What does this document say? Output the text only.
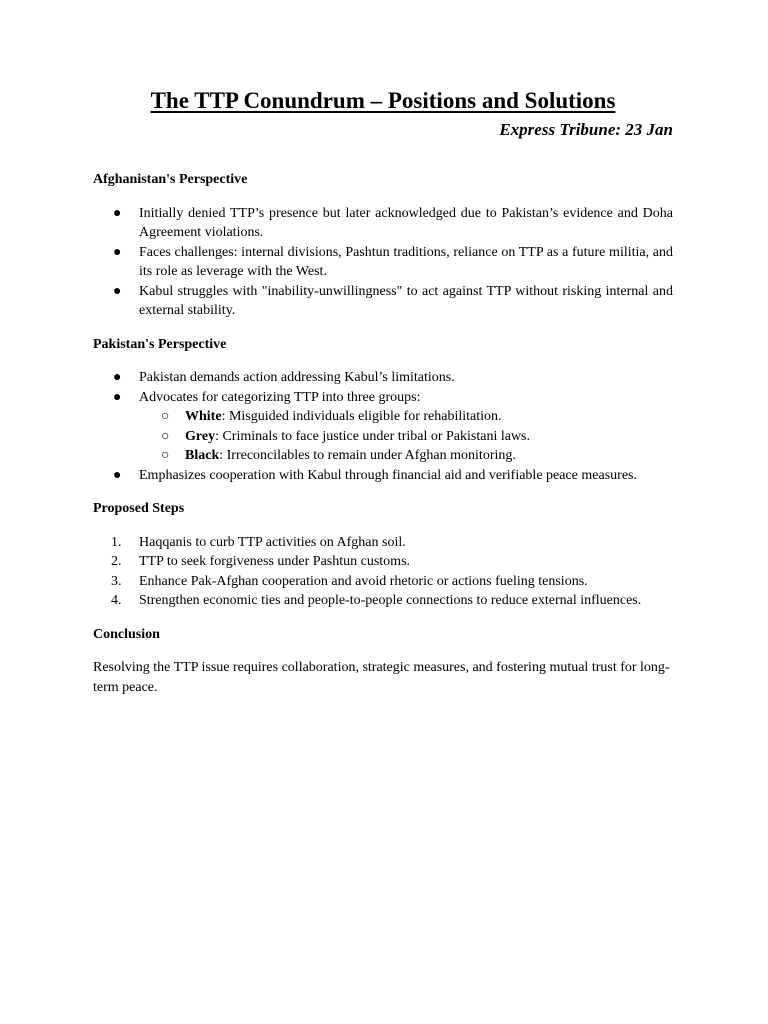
The TTP Conundrum – Positions and Solutions

Express Tribune: 23 Jan

Afghanistan's Perspective

●	Initially denied TTP’s presence but later acknowledged due to Pakistan’s evidence and Doha Agreement violations.
●	Faces challenges: internal divisions, Pashtun traditions, reliance on TTP as a future militia, and its role as leverage with the West.
●	Kabul struggles with "inability-unwillingness" to act against TTP without risking internal and external stability.

Pakistan's Perspective

●	Pakistan demands action addressing Kabul’s limitations.
●	Advocates for categorizing TTP into three groups:
○ White: Misguided individuals eligible for rehabilitation.
○ Grey: Criminals to face justice under tribal or Pakistani laws.
○ Black: Irreconcilables to remain under Afghan monitoring.
●	Emphasizes cooperation with Kabul through financial aid and verifiable peace measures.

Proposed Steps

1.	Haqqanis to curb TTP activities on Afghan soil.
2.	TTP to seek forgiveness under Pashtun customs.
3.	Enhance Pak-Afghan cooperation and avoid rhetoric or actions fueling tensions.
4.	Strengthen economic ties and people-to-people connections to reduce external influences.

Conclusion

Resolving the TTP issue requires collaboration, strategic measures, and fostering mutual trust for long-term peace.
